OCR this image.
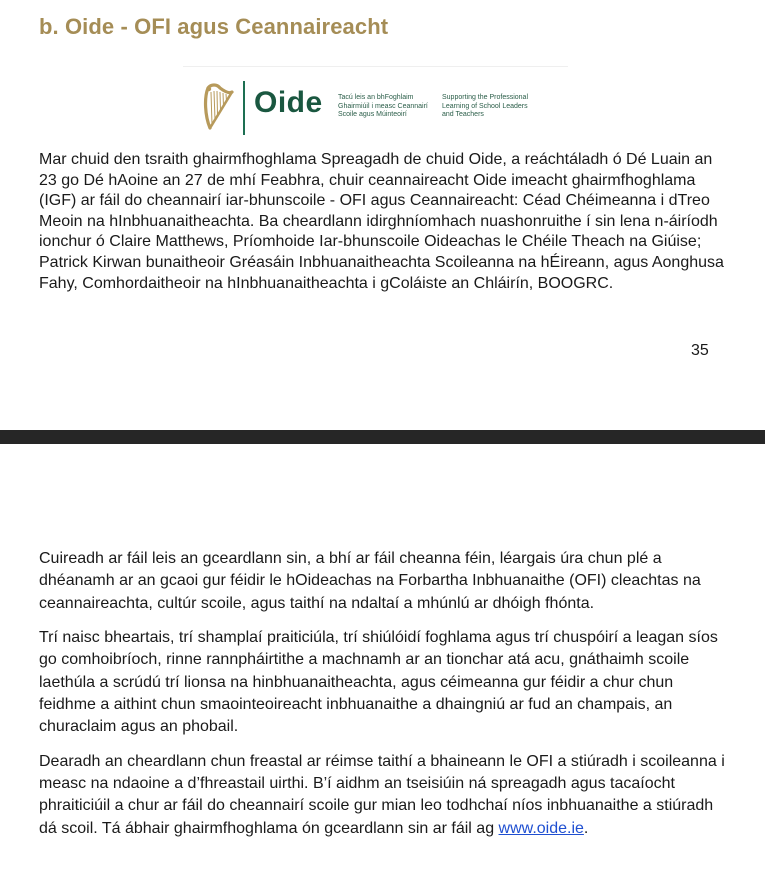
b. Oide - OFI agus Ceannaireacht
Oide Tacú leis an bhFoghlaim
Ghairmiúil i measc Ceannairí
Scoile agus Múinteoirí
Supporting the Professional
Learning of School Leaders
and Teachers

Mar chuid den tsraith ghairmfhoghlama Spreagadh de chuid Oide, a reáchtáladh ó Dé Luain an 23 go Dé hAoine an 27 de mhí Feabhra, chuir ceannaireacht Oide imeacht ghairmfhoghlama (IGF) ar fáil do cheannairí iar-bhunscoile - OFI agus Ceannaireacht: Céad Chéimeanna i dTreo Meoin na hInbhuanaitheachta. Ba cheardlann idirghníomhach nuashonruithe í sin lena n-áiríodh ionchur ó Claire Matthews, Príomhoide Iar-bhunscoile Oideachas le Chéile Theach na Giúise; Patrick Kirwan bunaitheoir Gréasáin Inbhuanaitheachta Scoileanna na hÉireann, agus Aonghusa Fahy, Comhordaitheoir na hInbhuanaitheachta i gColáiste an Chláirín, BOOGRC.

35

Cuireadh ar fáil leis an gceardlann sin, a bhí ar fáil cheanna féin, léargais úra chun plé a dhéanamh ar an gcaoi gur féidir le hOideachas na Forbartha Inbhuanaithe (OFI) cleachtas na ceannaireachta, cultúr scoile, agus taithí na ndaltaí a mhúnlú ar dhóigh fhónta.

Trí naisc bheartais, trí shamplaí praiticiúla, trí shiúlóidí foghlama agus trí chuspóirí a leagan síos go comhoibríoch, rinne rannpháirtithe a machnamh ar an tionchar atá acu, gnáthaimh scoile laethúla a scrúdú trí lionsa na hinbhuanaitheachta, agus céimeanna gur féidir a chur chun feidhme a aithint chun smaointeoireacht inbhuanaithe a dhaingniú ar fud an champais, an churaclaim agus an phobail.

Dearadh an cheardlann chun freastal ar réimse taithí a bhaineann le OFI a stiúradh i scoileanna i measc na ndaoine a d’fhreastail uirthi. B’í aidhm an tseisiúin ná spreagadh agus tacaíocht phraiticiúil a chur ar fáil do cheannairí scoile gur mian leo todhchaí níos inbhuanaithe a stiúradh dá scoil. Tá ábhair ghairmfhoghlama ón gceardlann sin ar fáil ag www.oide.ie.
